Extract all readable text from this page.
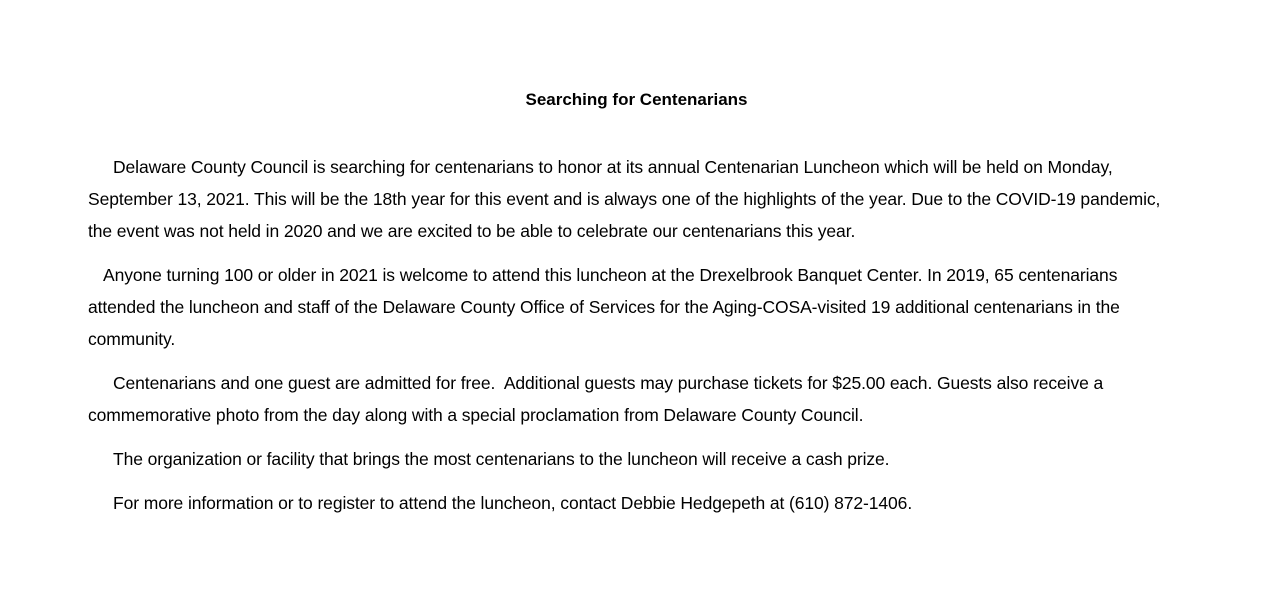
Searching for Centenarians

Delaware County Council is searching for centenarians to honor at its annual Centenarian Luncheon which will be held on Monday, September 13, 2021. This will be the 18th year for this event and is always one of the highlights of the year. Due to the COVID-19 pandemic, the event was not held in 2020 and we are excited to be able to celebrate our centenarians this year.

Anyone turning 100 or older in 2021 is welcome to attend this luncheon at the Drexelbrook Banquet Center. In 2019, 65 centenarians attended the luncheon and staff of the Delaware County Office of Services for the Aging-COSA-visited 19 additional centenarians in the community.

Centenarians and one guest are admitted for free.  Additional guests may purchase tickets for $25.00 each. Guests also receive a commemorative photo from the day along with a special proclamation from Delaware County Council.

The organization or facility that brings the most centenarians to the luncheon will receive a cash prize.

For more information or to register to attend the luncheon, contact Debbie Hedgepeth at (610) 872-1406.
